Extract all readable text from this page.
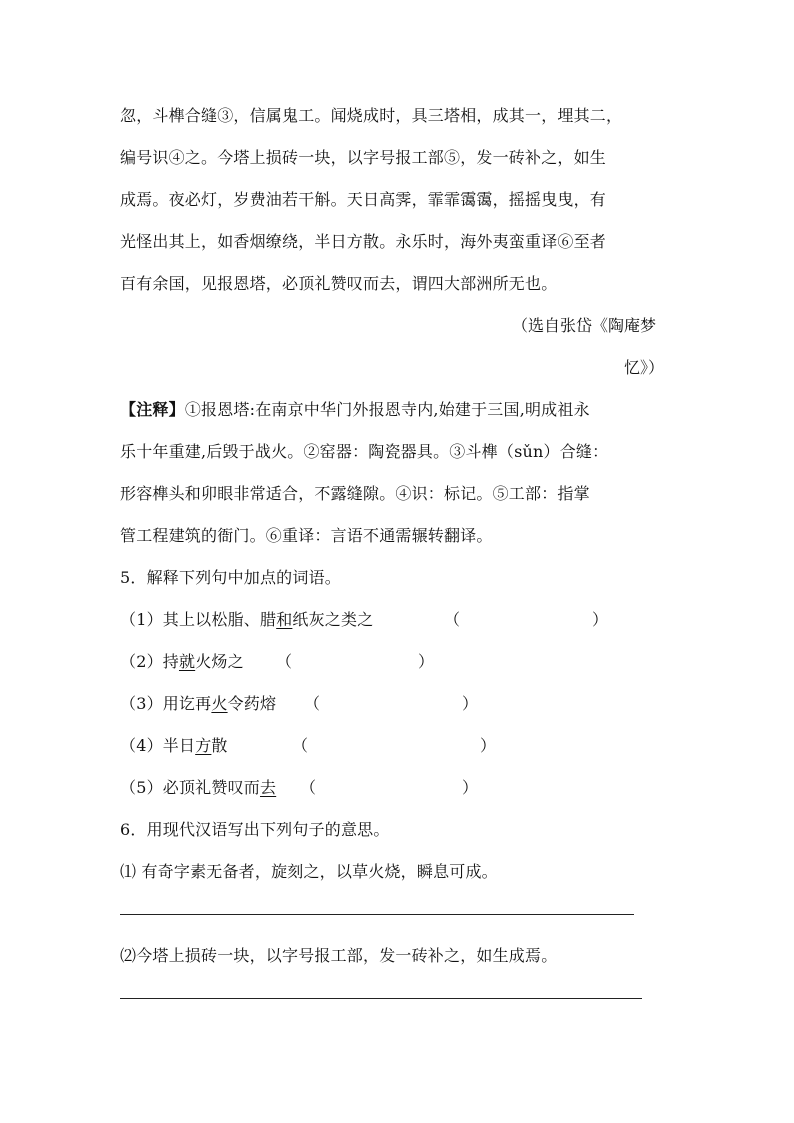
忽，斗榫合缝③，信属鬼工。闻烧成时，具三塔相，成其一，埋其二，
编号识④之。今塔上损砖一块，以字号报工部⑤，发一砖补之，如生
成焉。夜必灯，岁费油若干斛。天日高霁，霏霏霭霭，摇摇曳曳，有
光怪出其上，如香烟缭绕，半日方散。永乐时，海外夷蛮重译⑥至者
百有余国，见报恩塔，必顶礼赞叹而去，谓四大部洲所无也。
（选自张岱《陶庵梦
忆》）
【注释】①报恩塔:在南京中华门外报恩寺内,始建于三国,明成祖永
乐十年重建,后毁于战火。②窑器：陶瓷器具。③斗榫（sǔn）合缝：
形容榫头和卯眼非常适合，不露缝隙。④识：标记。⑤工部：指掌
管工程建筑的衙门。⑥重译：言语不通需辗转翻译。
5．解释下列句中加点的词语。
（1）其上以松脂、腊和纸灰之类之	（	）
（2）持就火炀之 （	）
（3）用讫再火令药熔 （	）
（4）半日方散	（	）
（5）必顶礼赞叹而去 （	）
6．用现代汉语写出下列句子的意思。
⑴ 有奇字素无备者，旋刻之，以草火烧，瞬息可成。
⑵今塔上损砖一块，以字号报工部，发一砖补之，如生成焉。
